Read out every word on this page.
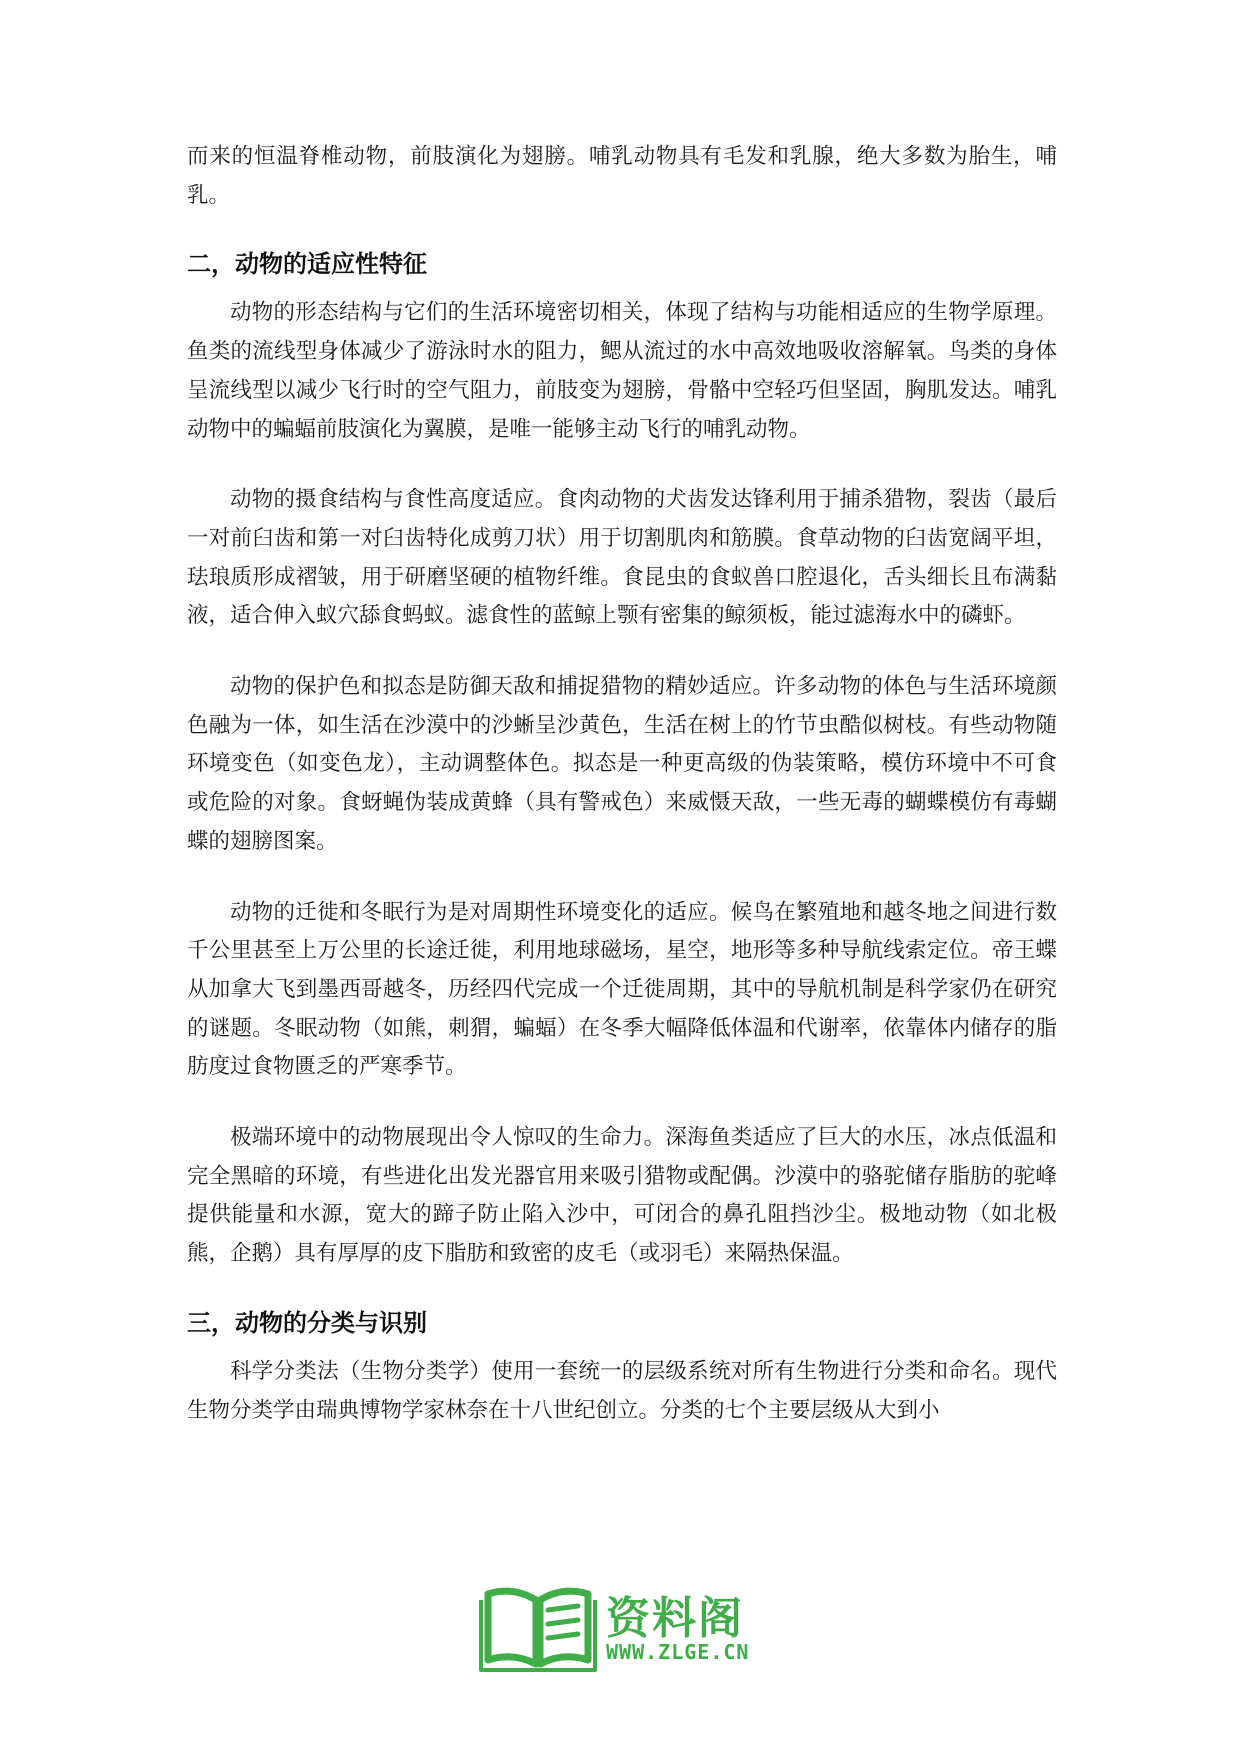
而来的恒温脊椎动物，前肢演化为翅膀。哺乳动物具有毛发和乳腺，绝大多数为胎生，哺乳。

二，动物的适应性特征

动物的形态结构与它们的生活环境密切相关，体现了结构与功能相适应的生物学原理。鱼类的流线型身体减少了游泳时水的阻力，鳃从流过的水中高效地吸收溶解氧。鸟类的身体呈流线型以减少飞行时的空气阻力，前肢变为翅膀，骨骼中空轻巧但坚固，胸肌发达。哺乳动物中的蝙蝠前肢演化为翼膜，是唯一能够主动飞行的哺乳动物。

动物的摄食结构与食性高度适应。食肉动物的犬齿发达锋利用于捕杀猎物，裂齿（最后一对前臼齿和第一对臼齿特化成剪刀状）用于切割肌肉和筋膜。食草动物的臼齿宽阔平坦，珐琅质形成褶皱，用于研磨坚硬的植物纤维。食昆虫的食蚁兽口腔退化，舌头细长且布满黏液，适合伸入蚁穴舔食蚂蚁。滤食性的蓝鲸上颚有密集的鲸须板，能过滤海水中的磷虾。

动物的保护色和拟态是防御天敌和捕捉猎物的精妙适应。许多动物的体色与生活环境颜色融为一体，如生活在沙漠中的沙蜥呈沙黄色，生活在树上的竹节虫酷似树枝。有些动物随环境变色（如变色龙），主动调整体色。拟态是一种更高级的伪装策略，模仿环境中不可食或危险的对象。食蚜蝇伪装成黄蜂（具有警戒色）来威慑天敌，一些无毒的蝴蝶模仿有毒蝴蝶的翅膀图案。

动物的迁徙和冬眠行为是对周期性环境变化的适应。候鸟在繁殖地和越冬地之间进行数千公里甚至上万公里的长途迁徙，利用地球磁场，星空，地形等多种导航线索定位。帝王蝶从加拿大飞到墨西哥越冬，历经四代完成一个迁徙周期，其中的导航机制是科学家仍在研究的谜题。冬眠动物（如熊，刺猬，蝙蝠）在冬季大幅降低体温和代谢率，依靠体内储存的脂肪度过食物匮乏的严寒季节。

极端环境中的动物展现出令人惊叹的生命力。深海鱼类适应了巨大的水压，冰点低温和完全黑暗的环境，有些进化出发光器官用来吸引猎物或配偶。沙漠中的骆驼储存脂肪的驼峰提供能量和水源，宽大的蹄子防止陷入沙中，可闭合的鼻孔阻挡沙尘。极地动物（如北极熊，企鹅）具有厚厚的皮下脂肪和致密的皮毛（或羽毛）来隔热保温。

三，动物的分类与识别

科学分类法（生物分类学）使用一套统一的层级系统对所有生物进行分类和命名。现代生物分类学由瑞典博物学家林奈在十八世纪创立。分类的七个主要层级从大到小

资料阁
WWW.ZLGE.CN
